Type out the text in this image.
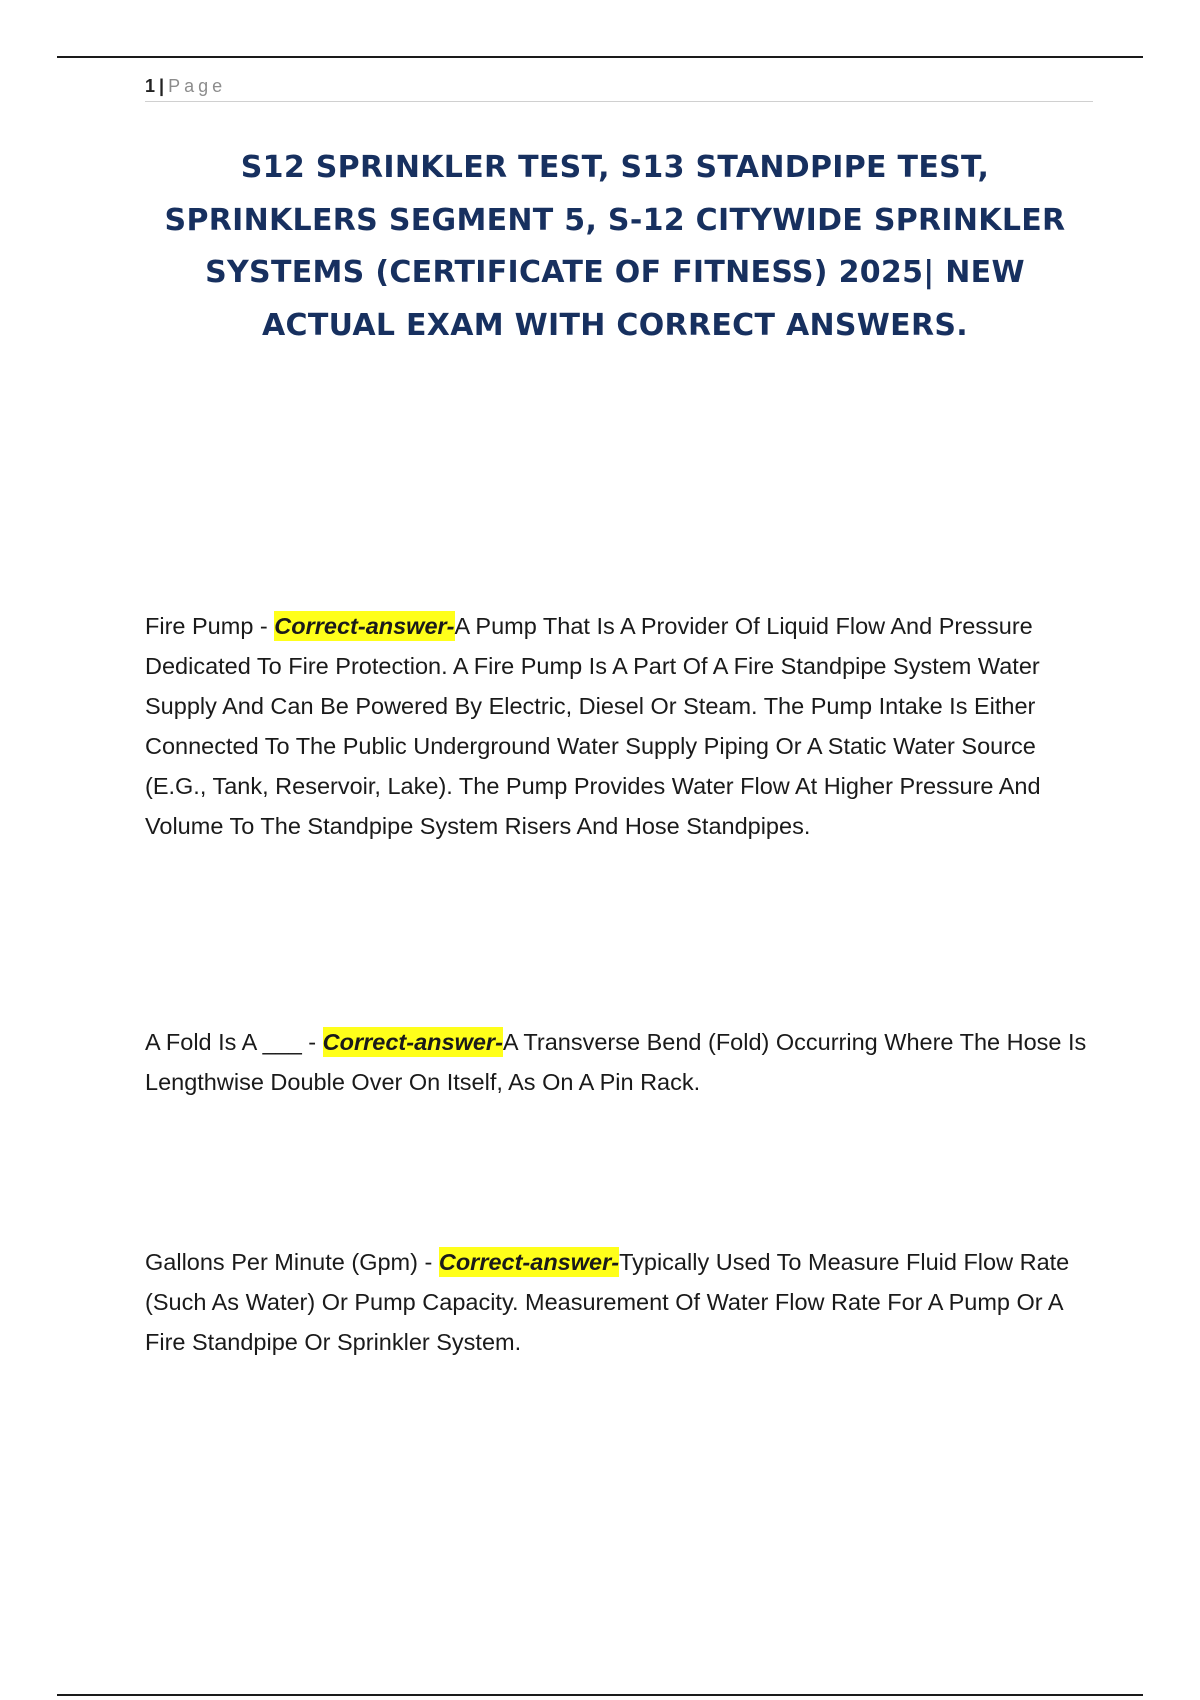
1 | Page
S12 SPRINKLER TEST, S13 STANDPIPE TEST, SPRINKLERS SEGMENT 5, S-12 CITYWIDE SPRINKLER SYSTEMS (CERTIFICATE OF FITNESS) 2025| NEW ACTUAL EXAM WITH CORRECT ANSWERS.

Fire Pump - Correct-answer-A Pump That Is A Provider Of Liquid Flow And Pressure Dedicated To Fire Protection. A Fire Pump Is A Part Of A Fire Standpipe System Water Supply And Can Be Powered By Electric, Diesel Or Steam. The Pump Intake Is Either Connected To The Public Underground Water Supply Piping Or A Static Water Source (E.G., Tank, Reservoir, Lake). The Pump Provides Water Flow At Higher Pressure And Volume To The Standpipe System Risers And Hose Standpipes.

A Fold Is A ___ - Correct-answer-A Transverse Bend (Fold) Occurring Where The Hose Is Lengthwise Double Over On Itself, As On A Pin Rack.

Gallons Per Minute (Gpm) - Correct-answer-Typically Used To Measure Fluid Flow Rate (Such As Water) Or Pump Capacity. Measurement Of Water Flow Rate For A Pump Or A Fire Standpipe Or Sprinkler System.
